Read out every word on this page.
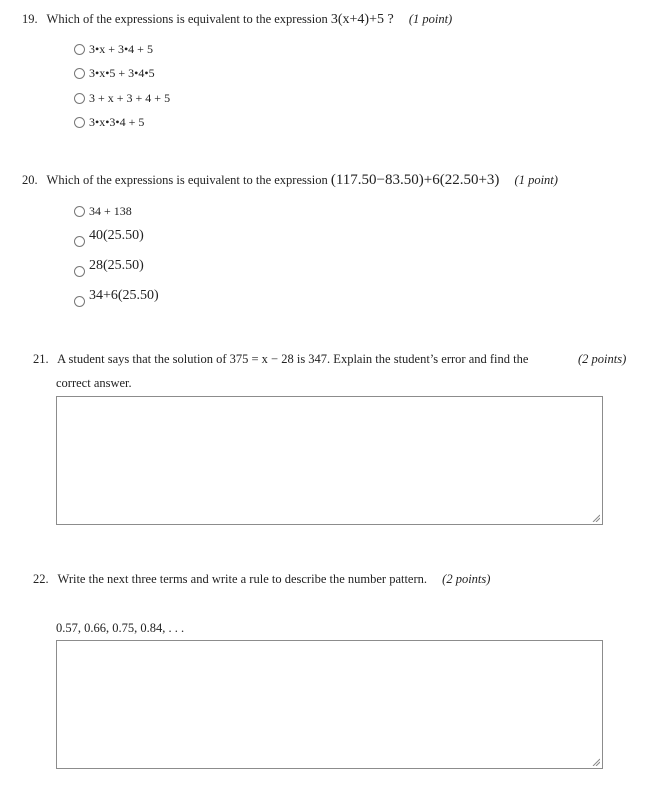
19. Which of the expressions is equivalent to the expression 3(x+4)+5 ? (1 point)
3•x + 3•4 + 5
3•x•5 + 3•4•5
3 + x + 3 + 4 + 5
3•x•3•4 + 5
20. Which of the expressions is equivalent to the expression (117.50−83.50)+6(22.50+3) (1 point)
34 + 138
40(25.50)
28(25.50)
34+6(25.50)
21. A student says that the solution of 375 = x − 28 is 347. Explain the student’s error and find the	(2 points)
correct answer.
22. Write the next three terms and write a rule to describe the number pattern. (2 points)
0.57, 0.66, 0.75, 0.84, . . .
